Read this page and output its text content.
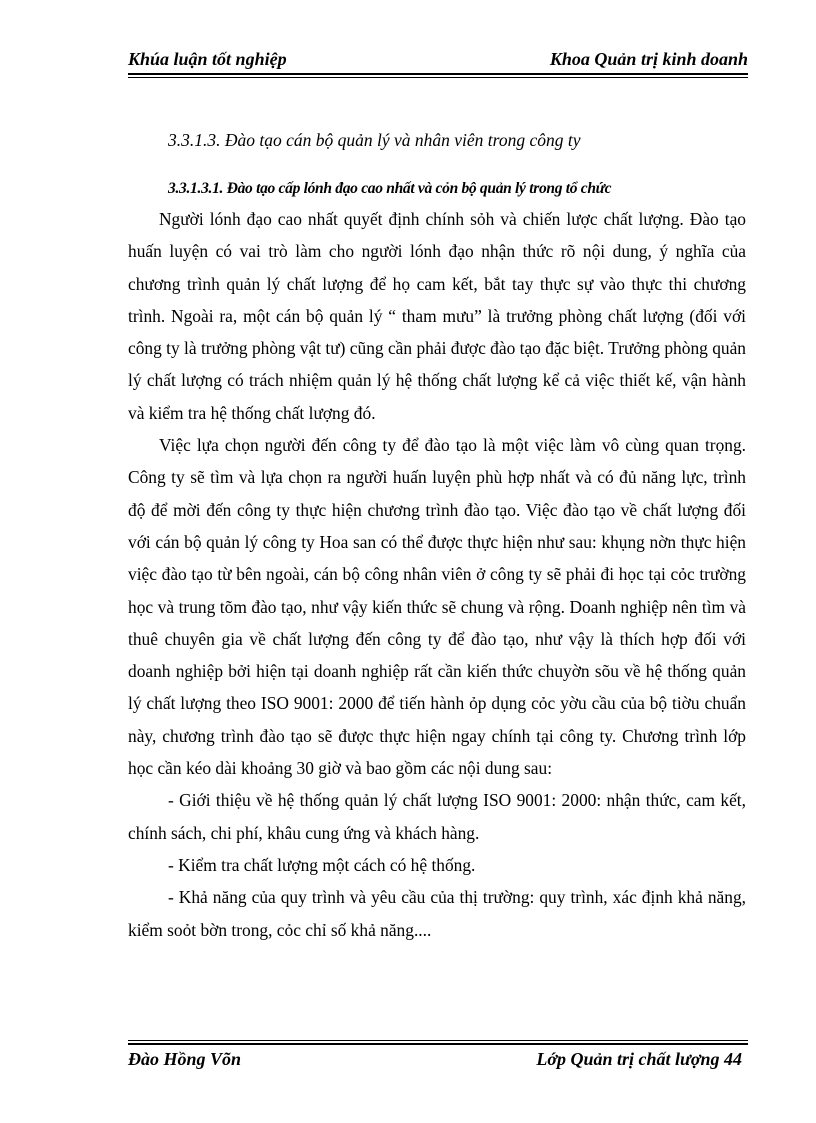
Khúa luận tốt nghiệp	Khoa Quản trị kinh doanh
3.3.1.3. Đào tạo cán bộ quản lý và nhân viên trong công ty
3.3.1.3.1. Đào tạo cấp lónh đạo cao nhất và cỏn bộ quản lý trong tổ chức

Người lónh đạo cao nhất quyết định chính sỏh và chiến lược chất lượng. Đào tạo huấn luyện có vai trò làm cho người lónh đạo nhận thức rõ nội dung, ý nghĩa của chương trình quản lý chất lượng để họ cam kết, bắt tay thực sự vào thực thi chương trình. Ngoài ra, một cán bộ quản lý “ tham mưu” là trưởng phòng chất lượng (đối với công ty là trưởng phòng vật tư) cũng cần phải được đào tạo đặc biệt. Trưởng phòng quản lý chất lượng có trách nhiệm quản lý hệ thống chất lượng kể cả việc thiết kế, vận hành và kiểm tra hệ thống chất lượng đó.

Việc lựa chọn người đến công ty để đào tạo là một việc làm vô cùng quan trọng. Công ty sẽ tìm và lựa chọn ra người huấn luyện phù hợp nhất và có đủ năng lực, trình độ để mời đến công ty thực hiện chương trình đào tạo. Việc đào tạo về chất lượng đối với cán bộ quản lý công ty Hoa san có thể được thực hiện như sau: khụng nờn thực hiện việc đào tạo từ bên ngoài, cán bộ công nhân viên ở công ty sẽ phải đi học tại cỏc trường học và trung tõm đào tạo, như vậy kiến thức sẽ chung và rộng. Doanh nghiệp nên tìm và thuê chuyên gia về chất lượng đến công ty để đào tạo, như vậy là thích hợp đối với doanh nghiệp bởi hiện tại doanh nghiệp rất cần kiến thức chuyờn sõu về hệ thống quản lý chất lượng theo ISO 9001: 2000 để tiến hành ỏp dụng cỏc yờu cầu của bộ tiờu chuẩn này, chương trình đào tạo sẽ được thực hiện ngay chính tại công ty. Chương trình lớp học cần kéo dài khoảng 30 giờ và bao gồm các nội dung sau:

- Giới thiệu về hệ thống quản lý chất lượng ISO 9001: 2000: nhận thức, cam kết, chính sách, chi phí, khâu cung ứng và khách hàng.

- Kiểm tra chất lượng một cách có hệ thống.

- Khả năng của quy trình và yêu cầu của thị trường: quy trình, xác định khả năng, kiểm soỏt bờn trong, cỏc chỉ số khả năng....

Đào Hồng Võn	Lớp Quản trị chất lượng 44
